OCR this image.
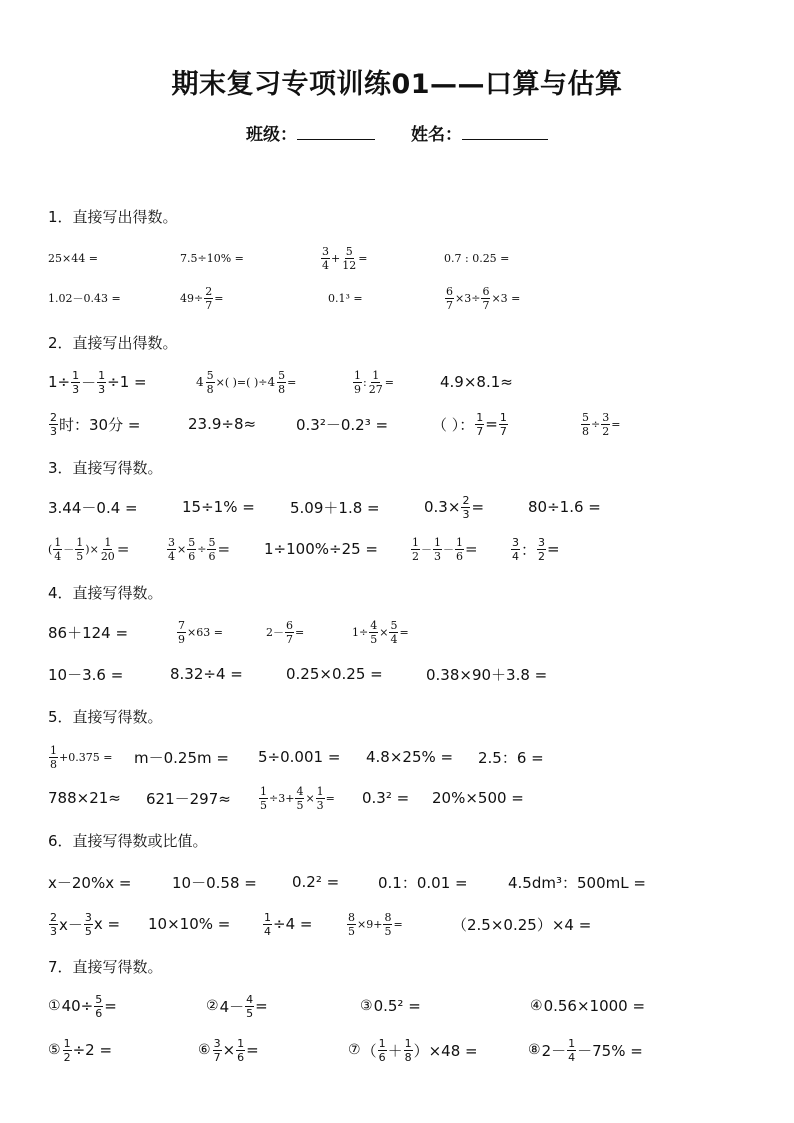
期末复习专项训练01——口算与估算
班级：	姓名：
1．直接写出得数。
25×44 =	7.5÷10% =	$\frac{3}{4} + \frac{5}{12}$ =	0.7 : 0.25 =
1.02－0.43 =	$49\div \frac{2}{7}$ =	0.1³ =	$\frac{6}{7} \times 3\div \frac{6}{7} \times 3$ =
2．直接写出得数。
$1\div \frac{1}{3} - \frac{1}{3} \div 1$ =	$4 \frac{5}{8}$ ×( )=( )÷ $4 \frac{5}{8}$ =	$\frac{1}{9}$ : $\frac{1}{27}$ =	4.9×8.1≈
$\frac{2}{3}$ 时：30分 =	23.9÷8≈	0.3²－0.2³ =	（ ）： $\frac{1}{7} = \frac{1}{7}$	$\frac{5}{8} \div \frac{3}{2}$ =
3．直接写得数。
3.44－0.4 =	15÷1% = 5.09＋1.8 =	$0.3\times \frac{2}{3}$ =	80÷1.6 =
( $\frac{1}{4} - \frac{1}{5}$ )× $\frac{1}{20}$ =	$\frac{3}{4} \times \frac{5}{6} \div \frac{5}{6} = 1\div 100\%\div 25$ =	$\frac{1}{2} - \frac{1}{3} - \frac{1}{6}$ =	$\frac{3}{4}$ ： $\frac{3}{2}$ =
4．直接写得数。
86＋124 =	$\frac{7}{9} \times 63$ =	$2- \frac{6}{7}$ =	$1\div \frac{4}{5} \times \frac{5}{4}$ =
10－3.6 =	8.32÷4 =	0.25×0.25 =	0.38×90＋3.8 =
5．直接写得数。
$\frac{1}{8} +0.375 = m-0.25m = 5\div 0.001 = 4.8\times 25\% = 2.5$：6 =
788×21≈ 621－297≈	$\frac{1}{5} \div 3+ \frac{4}{5} \times \frac{1}{3} = 0.3^2 = 20\%\times 500$ =
6．直接写得数或比值。
x－20%x =	10－0.58 = 0.2² =	0.1：0.01 =	4.5dm³：500mL =
$\frac{2}{3} x- \frac{3}{5}$ x = 10×10% =	$\frac{1}{4} \div 4$ =	$\frac{8}{5} \times 9+ \frac{8}{5}$ =	（2.5×0.25）×4 =
7．直接写得数。
① $40\div \frac{5}{6}$ =	② $4- \frac{4}{5}$ =	③ 0.5² =	④ 0.56×1000 =
⑤ $\frac{1}{2} \div 2$ =	⑥ $\frac{3}{7} \times \frac{1}{6}$ =	⑦ （ $\frac{1}{6} + \frac{1}{8} )\times 48$ =	⑧ $2- \frac{1}{4} -75\%$ =
